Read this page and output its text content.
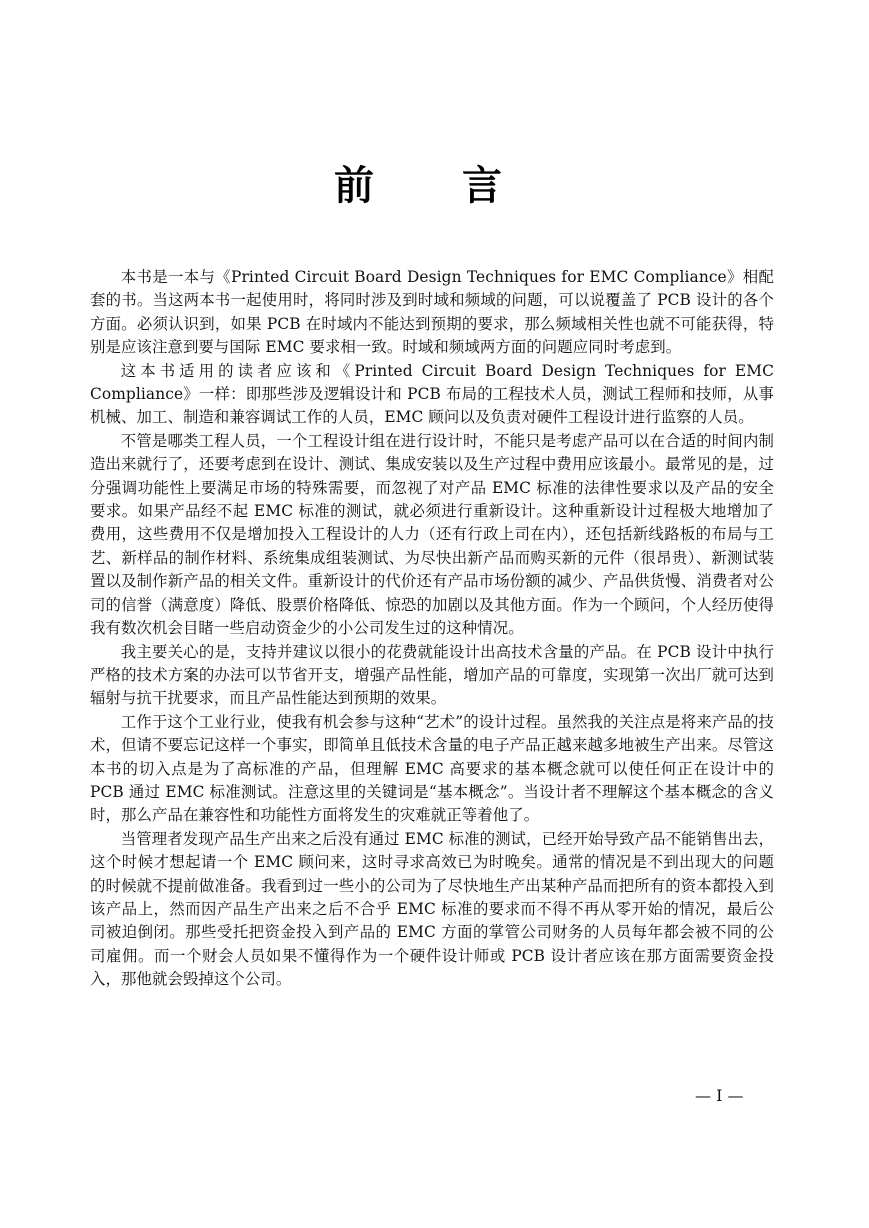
前 言

本书是一本与《Printed Circuit Board Design Techniques for EMC Compliance》相配套的书。当这两本书一起使用时，将同时涉及到时域和频域的问题，可以说覆盖了 PCB 设计的各个方面。必须认识到，如果 PCB 在时域内不能达到预期的要求，那么频域相关性也就不可能获得，特别是应该注意到要与国际 EMC 要求相一致。时域和频域两方面的问题应同时考虑到。

这本书适用的读者应该和《Printed Circuit Board Design Techniques for EMC Compliance》一样：即那些涉及逻辑设计和 PCB 布局的工程技术人员，测试工程师和技师，从事机械、加工、制造和兼容调试工作的人员，EMC 顾问以及负责对硬件工程设计进行监察的人员。

不管是哪类工程人员，一个工程设计组在进行设计时，不能只是考虑产品可以在合适的时间内制造出来就行了，还要考虑到在设计、测试、集成安装以及生产过程中费用应该最小。最常见的是，过分强调功能性上要满足市场的特殊需要，而忽视了对产品 EMC 标准的法律性要求以及产品的安全要求。如果产品经不起 EMC 标准的测试，就必须进行重新设计。这种重新设计过程极大地增加了费用，这些费用不仅是增加投入工程设计的人力（还有行政上司在内），还包括新线路板的布局与工艺、新样品的制作材料、系统集成组装测试、为尽快出新产品而购买新的元件（很昂贵）、新测试装置以及制作新产品的相关文件。重新设计的代价还有产品市场份额的减少、产品供货慢、消费者对公司的信誉（满意度）降低、股票价格降低、惊恐的加剧以及其他方面。作为一个顾问，个人经历使得我有数次机会目睹一些启动资金少的小公司发生过的这种情况。

我主要关心的是，支持并建议以很小的花费就能设计出高技术含量的产品。在 PCB 设计中执行严格的技术方案的办法可以节省开支，增强产品性能，增加产品的可靠度，实现第一次出厂就可达到辐射与抗干扰要求，而且产品性能达到预期的效果。

工作于这个工业行业，使我有机会参与这种“艺术”的设计过程。虽然我的关注点是将来产品的技术，但请不要忘记这样一个事实，即简单且低技术含量的电子产品正越来越多地被生产出来。尽管这本书的切入点是为了高标准的产品，但理解 EMC 高要求的基本概念就可以使任何正在设计中的 PCB 通过 EMC 标准测试。注意这里的关键词是“基本概念”。当设计者不理解这个基本概念的含义时，那么产品在兼容性和功能性方面将发生的灾难就正等着他了。

当管理者发现产品生产出来之后没有通过 EMC 标准的测试，已经开始导致产品不能销售出去，这个时候才想起请一个 EMC 顾问来，这时寻求高效已为时晚矣。通常的情况是不到出现大的问题的时候就不提前做准备。我看到过一些小的公司为了尽快地生产出某种产品而把所有的资本都投入到该产品上，然而因产品生产出来之后不合乎 EMC 标准的要求而不得不再从零开始的情况，最后公司被迫倒闭。那些受托把资金投入到产品的 EMC 方面的掌管公司财务的人员每年都会被不同的公司雇佣。而一个财会人员如果不懂得作为一个硬件设计师或 PCB 设计者应该在那方面需要资金投入，那他就会毁掉这个公司。

— Ⅰ —
